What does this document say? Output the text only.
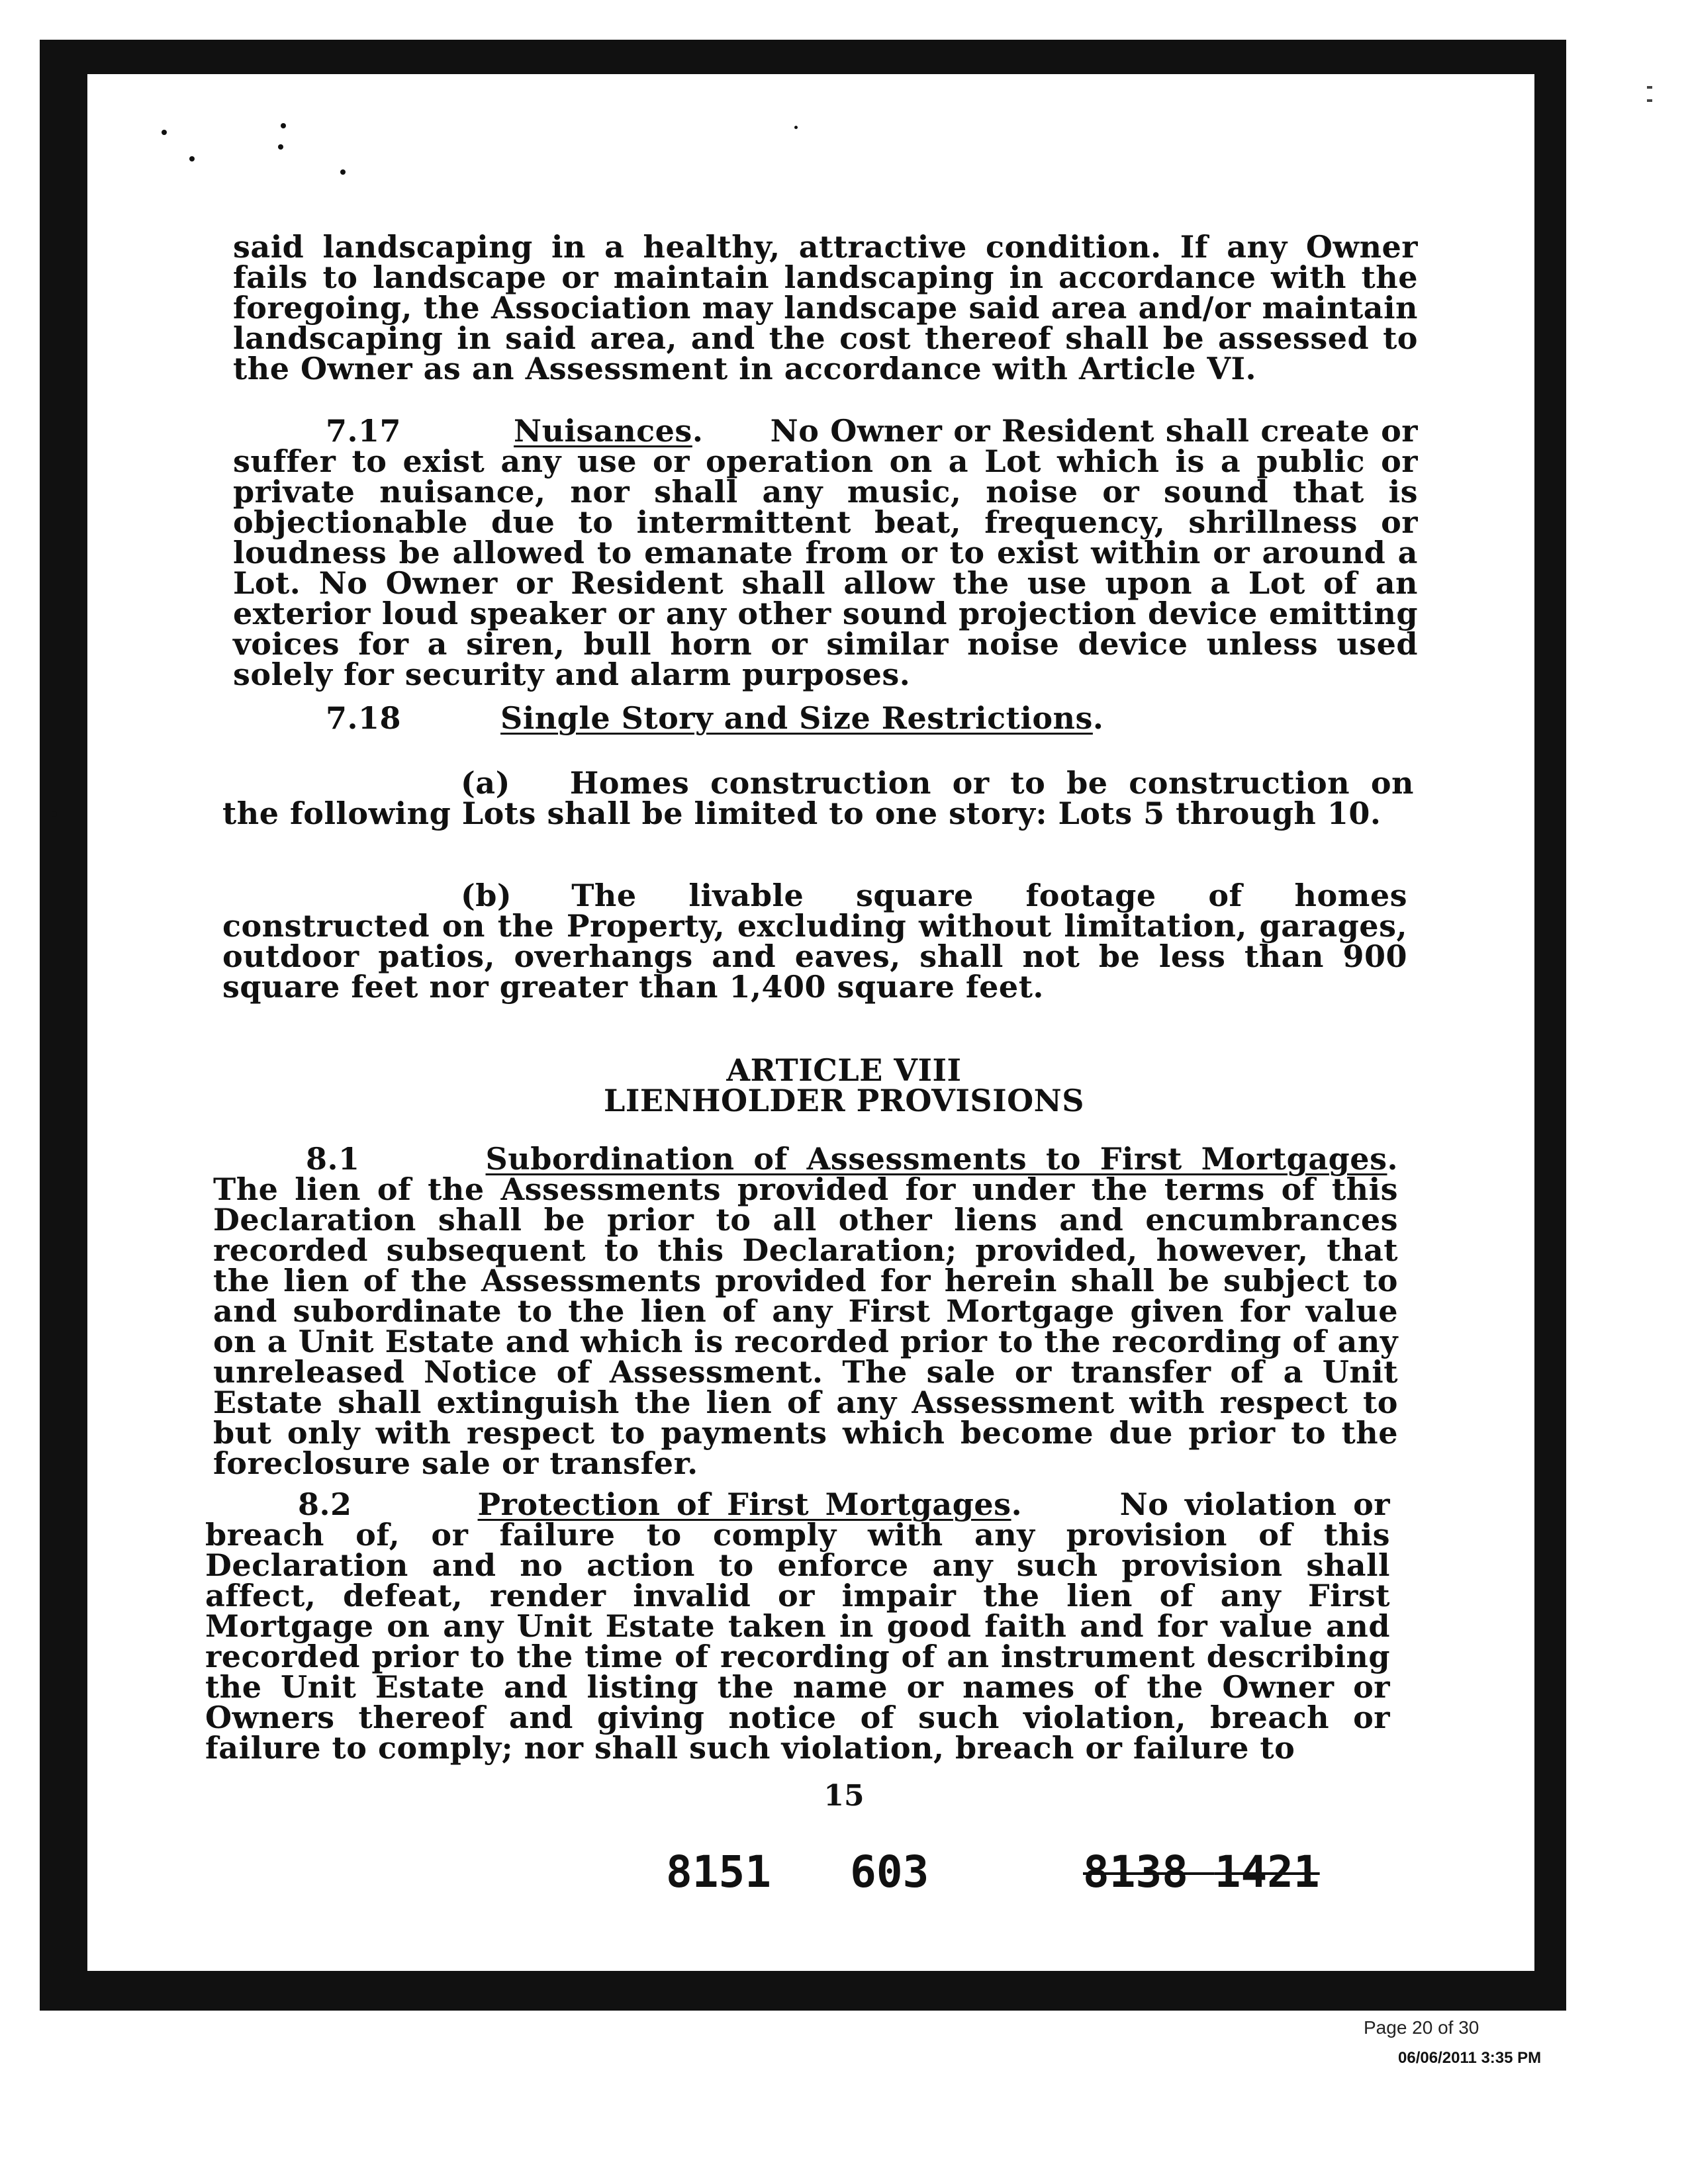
said landscaping in a healthy, attractive condition. If any Owner fails to landscape or maintain landscaping in accordance with the foregoing, the Association may landscape said area and/or maintain landscaping in said area, and the cost thereof shall be assessed to the Owner as an Assessment in accordance with Article VI.

7.17	Nuisances.      No Owner or Resident shall create or suffer to exist any use or operation on a Lot which is a public or private nuisance, nor shall any music, noise or sound that is objectionable due to intermittent beat, frequency, shrillness or loudness be allowed to emanate from or to exist within or around a Lot. No Owner or Resident shall allow the use upon a Lot of an exterior loud speaker or any other sound projection device emitting voices for a siren, bull horn or similar noise device unless used solely for security and alarm purposes.

7.18	Single Story and Size Restrictions.

(a) Homes construction or to be construction on the following Lots shall be limited to one story: Lots 5 through 10.

(b) The livable square footage of homes constructed on the Property, excluding without limitation, garages, outdoor patios, overhangs and eaves, shall not be less than 900 square feet nor greater than 1,400 square feet.

ARTICLE VIII
LIENHOLDER PROVISIONS

8.1	Subordination of Assessments to First Mortgages. The lien of the Assessments provided for under the terms of this Declaration shall be prior to all other liens and encumbrances recorded subsequent to this Declaration; provided, however, that the lien of the Assessments provided for herein shall be subject to and subordinate to the lien of any First Mortgage given for value on a Unit Estate and which is recorded prior to the recording of any unreleased Notice of Assessment. The sale or transfer of a Unit Estate shall extinguish the lien of any Assessment with respect to but only with respect to payments which become due prior to the foreclosure sale or transfer.

8.2	Protection of First Mortgages.      No violation or breach of, or failure to comply with any provision of this Declaration and no action to enforce any such provision shall affect, defeat, render invalid or impair the lien of any First Mortgage on any Unit Estate taken in good faith and for value and recorded prior to the time of recording of an instrument describing the Unit Estate and listing the name or names of the Owner or Owners thereof and giving notice of such violation, breach or failure to comply; nor shall such violation, breach or failure to

15
8151 603	8138 1421
Page 20 of 30
06/06/2011 3:35 PM
